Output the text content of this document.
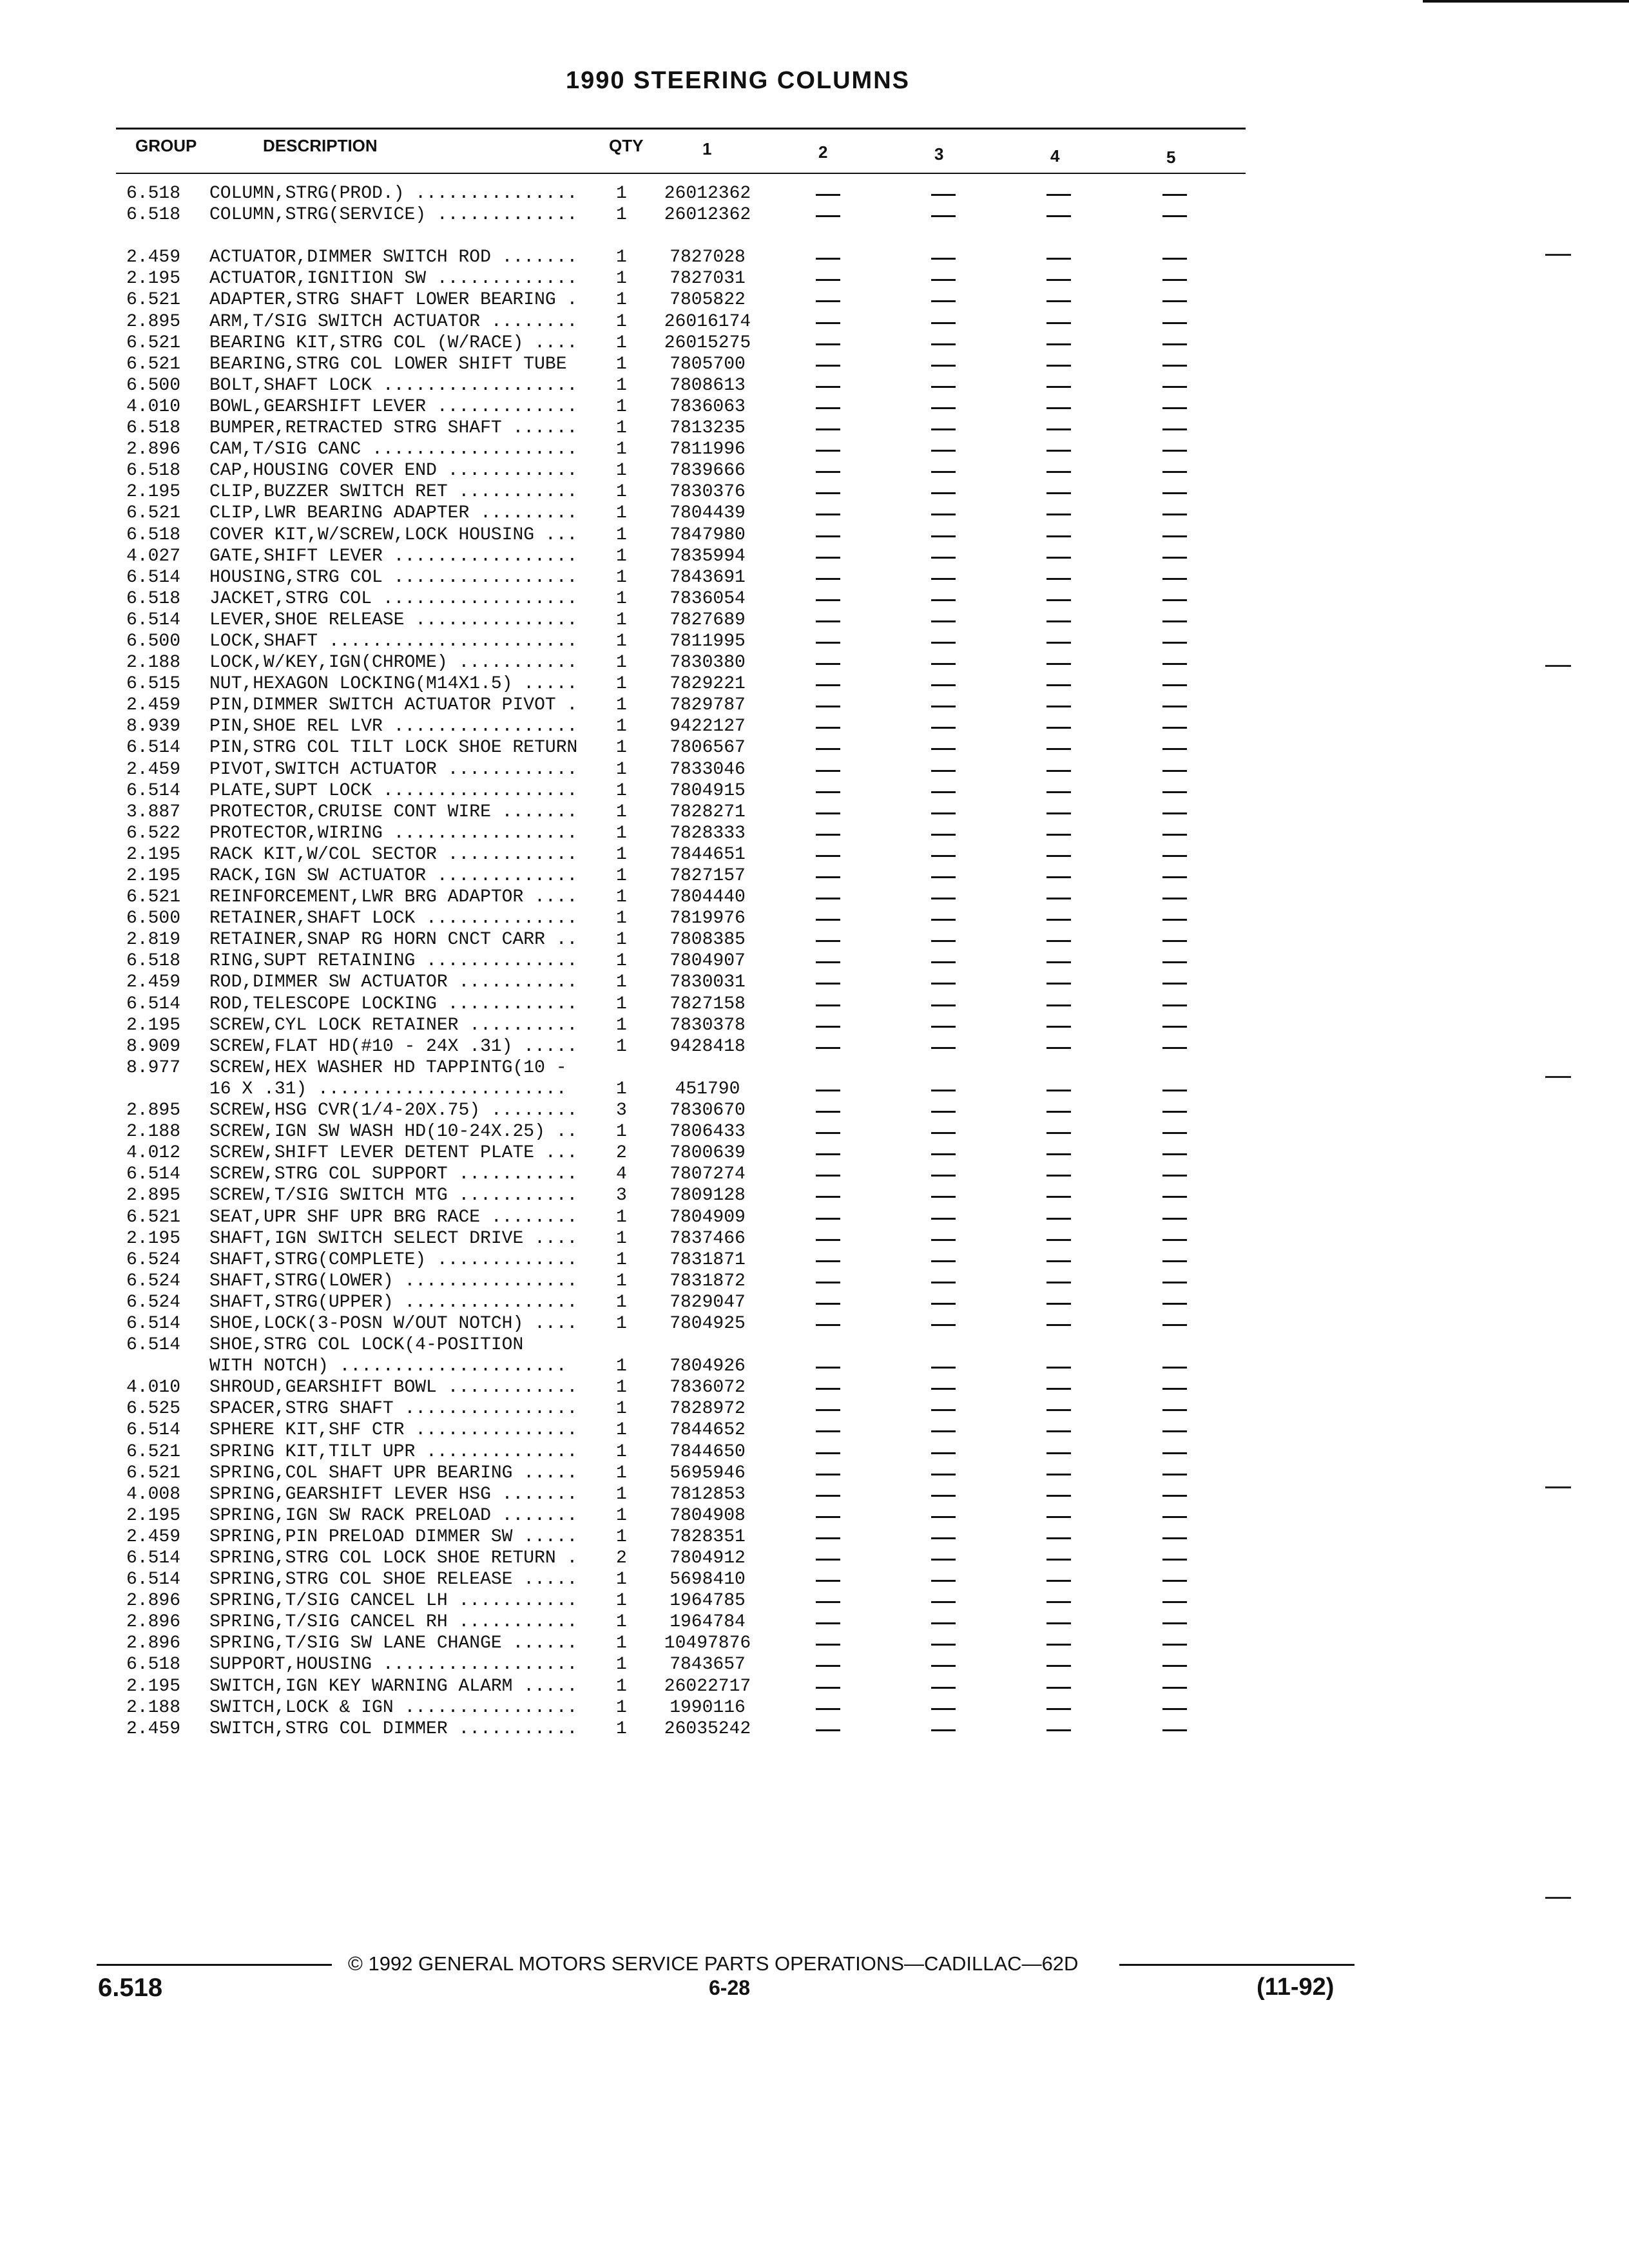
1990 STEERING COLUMNS
GROUP	DESCRIPTION	QTY	1	2	3	4	5
6.518 COLUMN,STRG(PROD.) ............... 1	26012362
6.518 COLUMN,STRG(SERVICE) ............. 1	26012362
2.459 ACTUATOR,DIMMER SWITCH ROD ....... 1	7827028
2.195 ACTUATOR,IGNITION SW ............. 1	7827031
6.521 ADAPTER,STRG SHAFT LOWER BEARING . 1	7805822
2.895 ARM,T/SIG SWITCH ACTUATOR ........ 1	26016174
6.521 BEARING KIT,STRG COL (W/RACE) .... 1	26015275
6.521 BEARING,STRG COL LOWER SHIFT TUBE	1	7805700
6.500 BOLT,SHAFT LOCK .................. 1	7808613
4.010 BOWL,GEARSHIFT LEVER ............. 1	7836063
6.518 BUMPER,RETRACTED STRG SHAFT ...... 1	7813235
2.896 CAM,T/SIG CANC ................... 1	7811996
6.518 CAP,HOUSING COVER END ............ 1	7839666
2.195 CLIP,BUZZER SWITCH RET ........... 1	7830376
6.521 CLIP,LWR BEARING ADAPTER ......... 1	7804439
6.518 COVER KIT,W/SCREW,LOCK HOUSING ... 1	7847980
4.027 GATE,SHIFT LEVER ................. 1	7835994
6.514 HOUSING,STRG COL ................. 1	7843691
6.518 JACKET,STRG COL .................. 1	7836054
6.514 LEVER,SHOE RELEASE ............... 1	7827689
6.500 LOCK,SHAFT ....................... 1	7811995
2.188 LOCK,W/KEY,IGN(CHROME) ........... 1	7830380
6.515 NUT,HEXAGON LOCKING(M14X1.5) ..... 1	7829221
2.459 PIN,DIMMER SWITCH ACTUATOR PIVOT . 1	7829787
8.939 PIN,SHOE REL LVR ................. 1	9422127
6.514 PIN,STRG COL TILT LOCK SHOE RETURN 1	7806567
2.459 PIVOT,SWITCH ACTUATOR ............ 1	7833046
6.514 PLATE,SUPT LOCK .................. 1	7804915
3.887 PROTECTOR,CRUISE CONT WIRE ....... 1	7828271
6.522 PROTECTOR,WIRING ................. 1	7828333
2.195 RACK KIT,W/COL SECTOR ............ 1	7844651
2.195 RACK,IGN SW ACTUATOR ............. 1	7827157
6.521 REINFORCEMENT,LWR BRG ADAPTOR .... 1	7804440
6.500 RETAINER,SHAFT LOCK .............. 1	7819976
2.819 RETAINER,SNAP RG HORN CNCT CARR .. 1	7808385
6.518 RING,SUPT RETAINING .............. 1	7804907
2.459 ROD,DIMMER SW ACTUATOR ........... 1	7830031
6.514 ROD,TELESCOPE LOCKING ............ 1	7827158
2.195 SCREW,CYL LOCK RETAINER .......... 1	7830378
8.909 SCREW,FLAT HD(#10 - 24X .31) ..... 1	9428418
8.977 SCREW,HEX WASHER HD TAPPINTG(10 -
16 X .31) .......................	1	451790
2.895 SCREW,HSG CVR(1/4-20X.75) ........ 3	7830670
2.188 SCREW,IGN SW WASH HD(10-24X.25) .. 1	7806433
4.012 SCREW,SHIFT LEVER DETENT PLATE ... 2	7800639
6.514 SCREW,STRG COL SUPPORT ........... 4	7807274
2.895 SCREW,T/SIG SWITCH MTG ........... 3	7809128
6.521 SEAT,UPR SHF UPR BRG RACE ........ 1	7804909
2.195 SHAFT,IGN SWITCH SELECT DRIVE .... 1	7837466
6.524 SHAFT,STRG(COMPLETE) ............. 1	7831871
6.524 SHAFT,STRG(LOWER) ................ 1	7831872
6.524 SHAFT,STRG(UPPER) ................ 1	7829047
6.514 SHOE,LOCK(3-POSN W/OUT NOTCH) .... 1	7804925
6.514 SHOE,STRG COL LOCK(4-POSITION
WITH NOTCH) .....................	1	7804926
4.010 SHROUD,GEARSHIFT BOWL ............ 1	7836072
6.525 SPACER,STRG SHAFT ................ 1	7828972
6.514 SPHERE KIT,SHF CTR ............... 1	7844652
6.521 SPRING KIT,TILT UPR .............. 1	7844650
6.521 SPRING,COL SHAFT UPR BEARING ..... 1	5695946
4.008 SPRING,GEARSHIFT LEVER HSG ....... 1	7812853
2.195 SPRING,IGN SW RACK PRELOAD ....... 1	7804908
2.459 SPRING,PIN PRELOAD DIMMER SW ..... 1	7828351
6.514 SPRING,STRG COL LOCK SHOE RETURN . 2	7804912
6.514 SPRING,STRG COL SHOE RELEASE ..... 1	5698410
2.896 SPRING,T/SIG CANCEL LH ........... 1	1964785
2.896 SPRING,T/SIG CANCEL RH ........... 1	1964784
2.896 SPRING,T/SIG SW LANE CHANGE ...... 1	10497876
6.518 SUPPORT,HOUSING .................. 1	7843657
2.195 SWITCH,IGN KEY WARNING ALARM ..... 1	26022717
2.188 SWITCH,LOCK & IGN ................ 1	1990116
2.459 SWITCH,STRG COL DIMMER ........... 1	26035242
© 1992 GENERAL MOTORS SERVICE PARTS OPERATIONS—CADILLAC—62D
6.518	6-28	(11-92)
